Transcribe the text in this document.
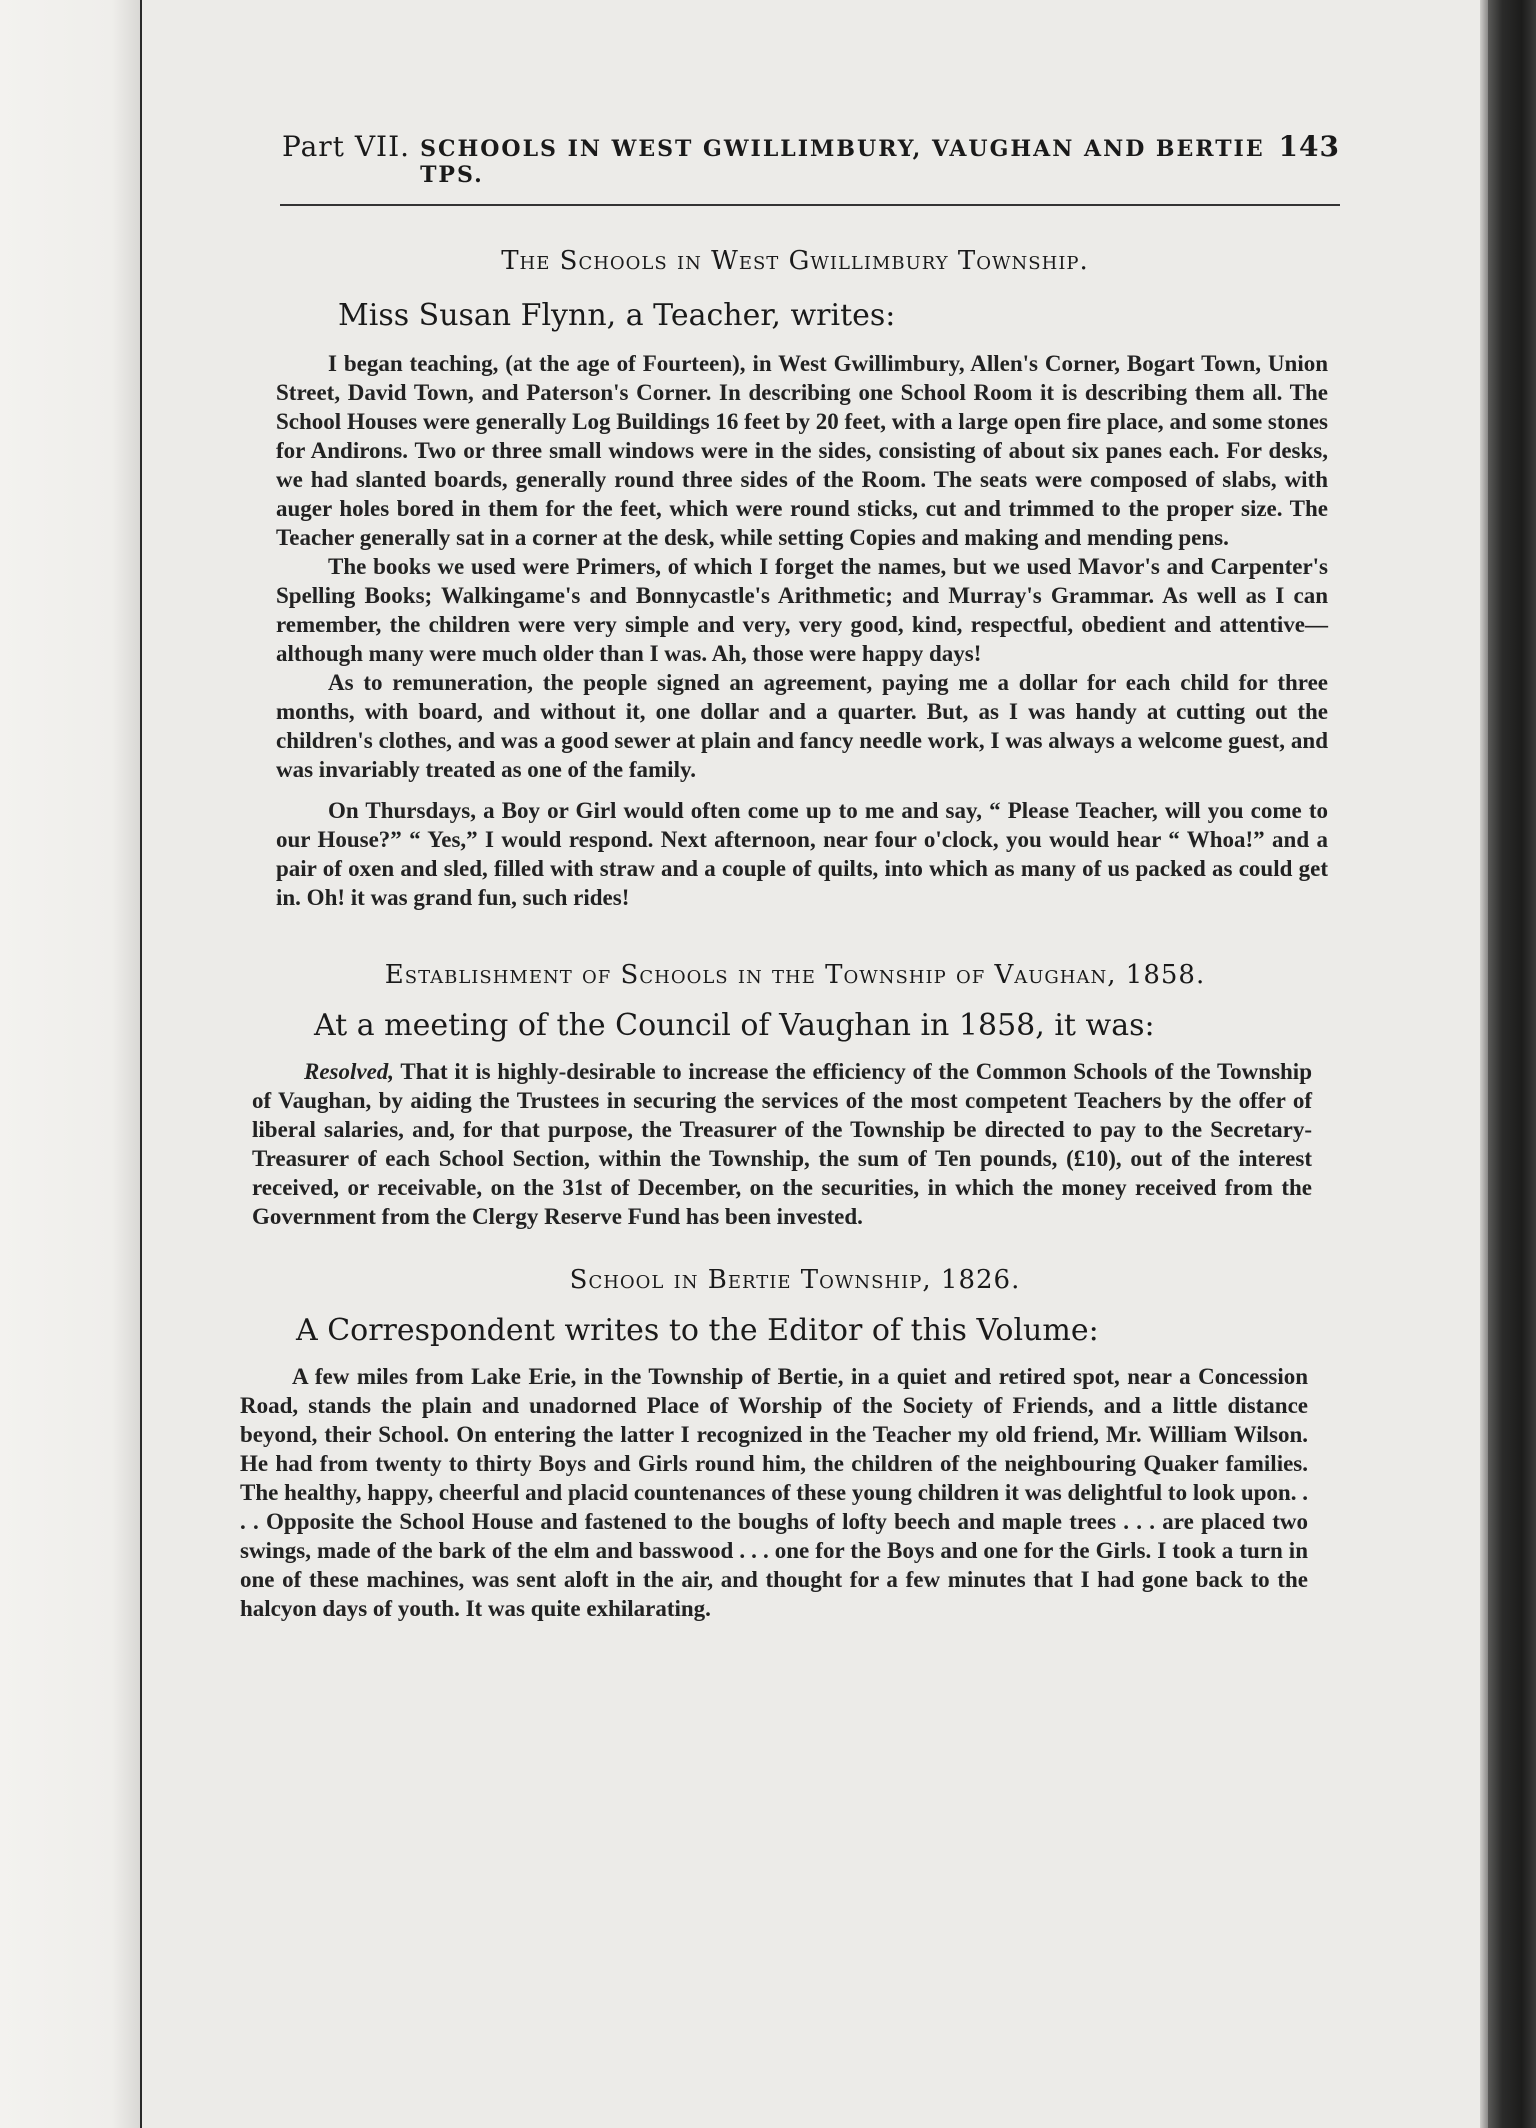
Part VII. SCHOOLS IN WEST GWILLIMBURY, VAUGHAN AND BERTIE TPS.
143
The Schools in West Gwillimbury Township.
Miss Susan Flynn, a Teacher, writes:

I began teaching, (at the age of Fourteen), in West Gwillimbury, Allen's Corner, Bogart Town, Union Street, David Town, and Paterson's Corner. In describing one School Room it is describing them all. The School Houses were generally Log Buildings 16 feet by 20 feet, with a large open fire place, and some stones for Andirons. Two or three small windows were in the sides, consisting of about six panes each. For desks, we had slanted boards, generally round three sides of the Room. The seats were composed of slabs, with auger holes bored in them for the feet, which were round sticks, cut and trimmed to the proper size. The Teacher generally sat in a corner at the desk, while setting Copies and making and mending pens.

The books we used were Primers, of which I forget the names, but we used Mavor's and Carpenter's Spelling Books; Walkingame's and Bonnycastle's Arithmetic; and Murray's Grammar. As well as I can remember, the children were very simple and very, very good, kind, respectful, obedient and attentive—although many were much older than I was. Ah, those were happy days!

As to remuneration, the people signed an agreement, paying me a dollar for each child for three months, with board, and without it, one dollar and a quarter. But, as I was handy at cutting out the children's clothes, and was a good sewer at plain and fancy needle work, I was always a welcome guest, and was invariably treated as one of the family.

On Thursdays, a Boy or Girl would often come up to me and say, “ Please Teacher, will you come to our House?” “ Yes,” I would respond. Next afternoon, near four o'clock, you would hear “ Whoa!” and a pair of oxen and sled, filled with straw and a couple of quilts, into which as many of us packed as could get in. Oh! it was grand fun, such rides!

Establishment of Schools in the Township of Vaughan, 1858.
At a meeting of the Council of Vaughan in 1858, it was:

Resolved, That it is highly-desirable to increase the efficiency of the Common Schools of the Township of Vaughan, by aiding the Trustees in securing the services of the most competent Teachers by the offer of liberal salaries, and, for that purpose, the Treasurer of the Township be directed to pay to the Secretary-Treasurer of each School Section, within the Township, the sum of Ten pounds, (£10), out of the interest received, or receivable, on the 31st of December, on the securities, in which the money received from the Government from the Clergy Reserve Fund has been invested.

School in Bertie Township, 1826.
A Correspondent writes to the Editor of this Volume:

A few miles from Lake Erie, in the Township of Bertie, in a quiet and retired spot, near a Concession Road, stands the plain and unadorned Place of Worship of the Society of Friends, and a little distance beyond, their School. On entering the latter I recognized in the Teacher my old friend, Mr. William Wilson. He had from twenty to thirty Boys and Girls round him, the children of the neighbouring Quaker families. The healthy, happy, cheerful and placid countenances of these young children it was delightful to look upon. . . . Opposite the School House and fastened to the boughs of lofty beech and maple trees . . . are placed two swings, made of the bark of the elm and basswood . . . one for the Boys and one for the Girls. I took a turn in one of these machines, was sent aloft in the air, and thought for a few minutes that I had gone back to the halcyon days of youth. It was quite exhilarating.
